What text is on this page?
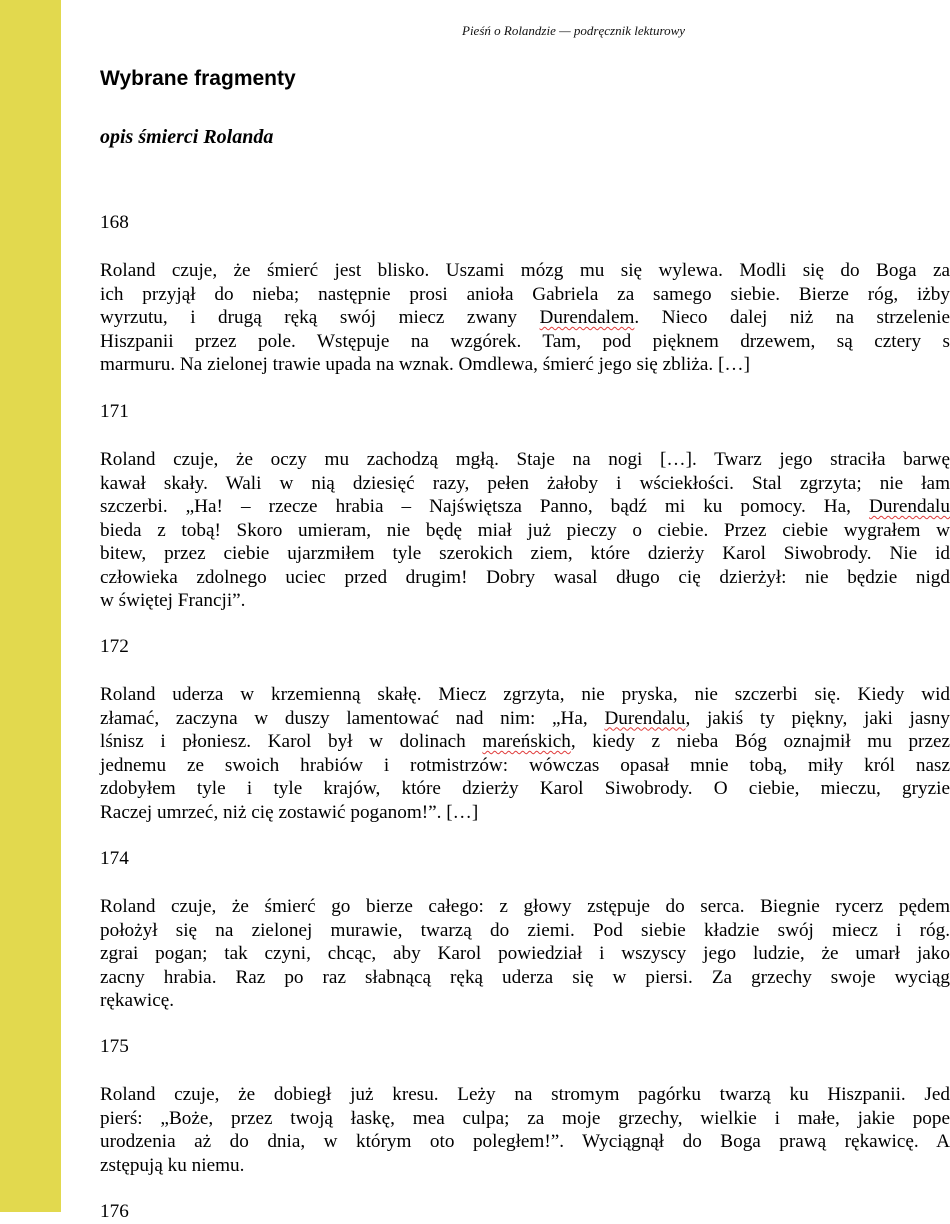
Pieśń o Rolandzie — podręcznik lekturowy
Wybrane fragmenty
opis śmierci Rolanda
168
Roland czuje, że śmierć jest blisko. Uszami mózg mu się wylewa. Modli się do Boga za
ich przyjął do nieba; następnie prosi anioła Gabriela za samego siebie. Bierze róg, iżby
wyrzutu, i drugą ręką swój miecz zwany Durendalem. Nieco dalej niż na strzelenie
Hiszpanii przez pole. Wstępuje na wzgórek. Tam, pod pięknem drzewem, są cztery s
marmuru. Na zielonej trawie upada na wznak. Omdlewa, śmierć jego się zbliża. […]
171
Roland czuje, że oczy mu zachodzą mgłą. Staje na nogi […]. Twarz jego straciła barwę
kawał skały. Wali w nią dziesięć razy, pełen żałoby i wściekłości. Stal zgrzyta; nie łam
szczerbi. „Ha! – rzecze hrabia – Najświętsza Panno, bądź mi ku pomocy. Ha, Durendalu
bieda z tobą! Skoro umieram, nie będę miał już pieczy o ciebie. Przez ciebie wygrałem w
bitew, przez ciebie ujarzmiłem tyle szerokich ziem, które dzierży Karol Siwobrody. Nie id
człowieka zdolnego uciec przed drugim! Dobry wasal długo cię dzierżył: nie będzie nigd
w świętej Francji”.
172
Roland uderza w krzemienną skałę. Miecz zgrzyta, nie pryska, nie szczerbi się. Kiedy wid
złamać, zaczyna w duszy lamentować nad nim: „Ha, Durendalu, jakiś ty piękny, jaki jasny
lśnisz i płoniesz. Karol był w dolinach mareńskich, kiedy z nieba Bóg oznajmił mu przez
jednemu ze swoich hrabiów i rotmistrzów: wówczas opasał mnie tobą, miły król nasz
zdobyłem tyle i tyle krajów, które dzierży Karol Siwobrody. O ciebie, mieczu, gryzie
Raczej umrzeć, niż cię zostawić poganom!”. […]
174
Roland czuje, że śmierć go bierze całego: z głowy zstępuje do serca. Biegnie rycerz pędem
położył się na zielonej murawie, twarzą do ziemi. Pod siebie kładzie swój miecz i róg.
zgrai pogan; tak czyni, chcąc, aby Karol powiedział i wszyscy jego ludzie, że umarł jako
zacny hrabia. Raz po raz słabnącą ręką uderza się w piersi. Za grzechy swoje wyciąg
rękawicę.
175
Roland czuje, że dobiegł już kresu. Leży na stromym pagórku twarzą ku Hiszpanii. Jed
pierś: „Boże, przez twoją łaskę, mea culpa; za moje grzechy, wielkie i małe, jakie pope
urodzenia aż do dnia, w którym oto poległem!”. Wyciągnął do Boga prawą rękawicę. A
zstępują ku niemu.
176
